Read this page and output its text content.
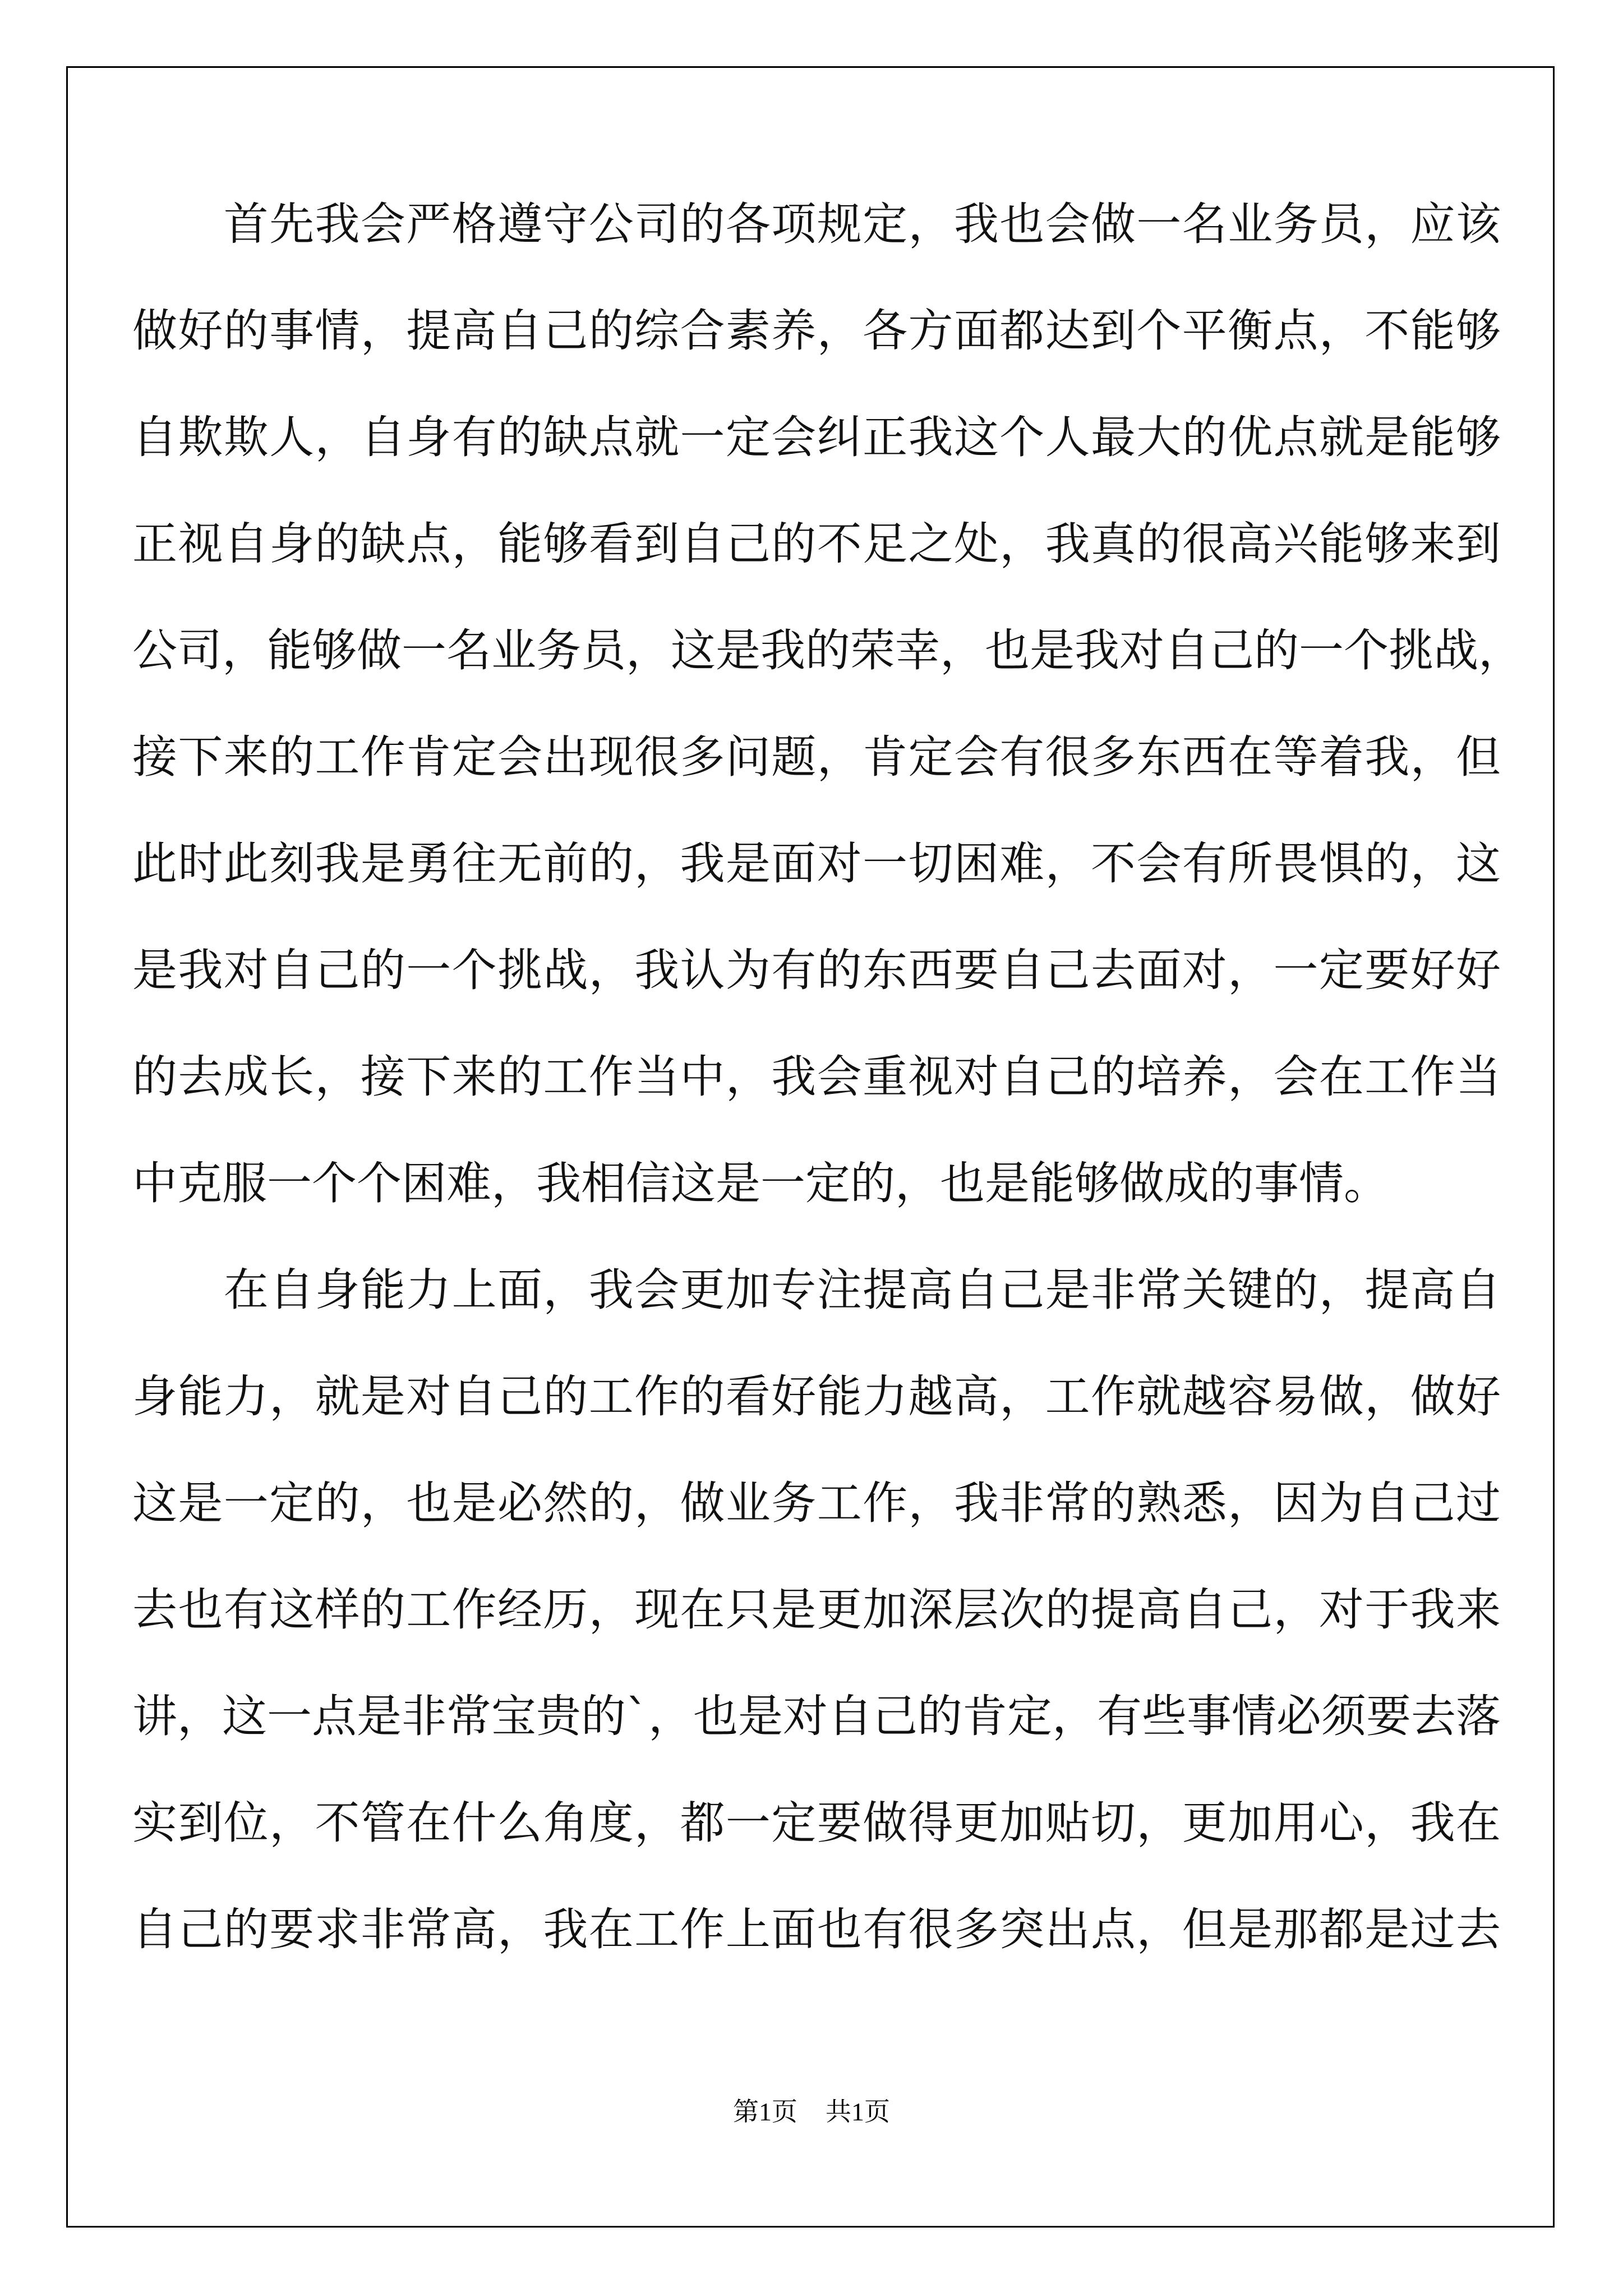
　　首先我会严格遵守公司的各项规定，我也会做一名业务员，应该
做好的事情，提高自己的综合素养，各方面都达到个平衡点，不能够
自欺欺人，自身有的缺点就一定会纠正我这个人最大的优点就是能够
正视自身的缺点，能够看到自己的不足之处，我真的很高兴能够来到
公司，能够做一名业务员，这是我的荣幸，也是我对自己的一个挑战，
接下来的工作肯定会出现很多问题，肯定会有很多东西在等着我，但
此时此刻我是勇往无前的，我是面对一切困难，不会有所畏惧的，这
是我对自己的一个挑战，我认为有的东西要自己去面对，一定要好好
的去成长，接下来的工作当中，我会重视对自己的培养，会在工作当
中克服一个个困难，我相信这是一定的，也是能够做成的事情。
　　在自身能力上面，我会更加专注提高自己是非常关键的，提高自
身能力，就是对自己的工作的看好能力越高，工作就越容易做，做好
这是一定的，也是必然的，做业务工作，我非常的熟悉，因为自己过
去也有这样的工作经历，现在只是更加深层次的提高自己，对于我来
讲，这一点是非常宝贵的`，也是对自己的肯定，有些事情必须要去落
实到位，不管在什么角度，都一定要做得更加贴切，更加用心，我在
自己的要求非常高，我在工作上面也有很多突出点，但是那都是过去
第1页 共1页
